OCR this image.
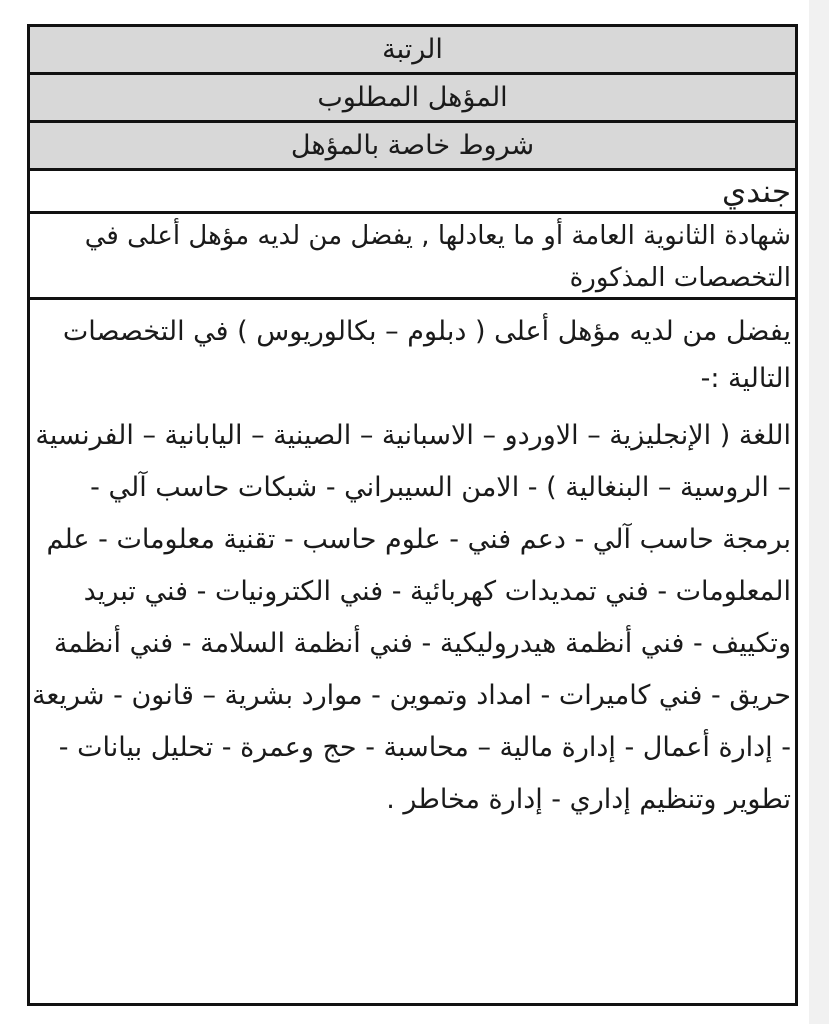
الرتبة
المؤهل المطلوب
شروط خاصة بالمؤهل
جندي
شهادة الثانوية العامة أو ما يعادلها , يفضل من لديه مؤهل أعلى في التخصصات المذكورة
يفضل من لديه مؤهل أعلى ( دبلوم – بكالوريوس ) في التخصصات التالية :-
اللغة ( الإنجليزية – الاوردو – الاسبانية – الصينية – اليابانية – الفرنسية – الروسية – البنغالية ) - الامن السيبراني - شبكات حاسب آلي - برمجة حاسب آلي - دعم فني - علوم حاسب - تقنية معلومات - علم المعلومات - فني تمديدات كهربائية - فني الكترونيات - فني تبريد وتكييف - فني أنظمة هيدروليكية - فني أنظمة السلامة - فني أنظمة حريق - فني كاميرات - امداد وتموين - موارد بشرية – قانون - شريعة - إدارة أعمال - إدارة مالية – محاسبة - حج وعمرة - تحليل بيانات - تطوير وتنظيم إداري - إدارة مخاطر .
